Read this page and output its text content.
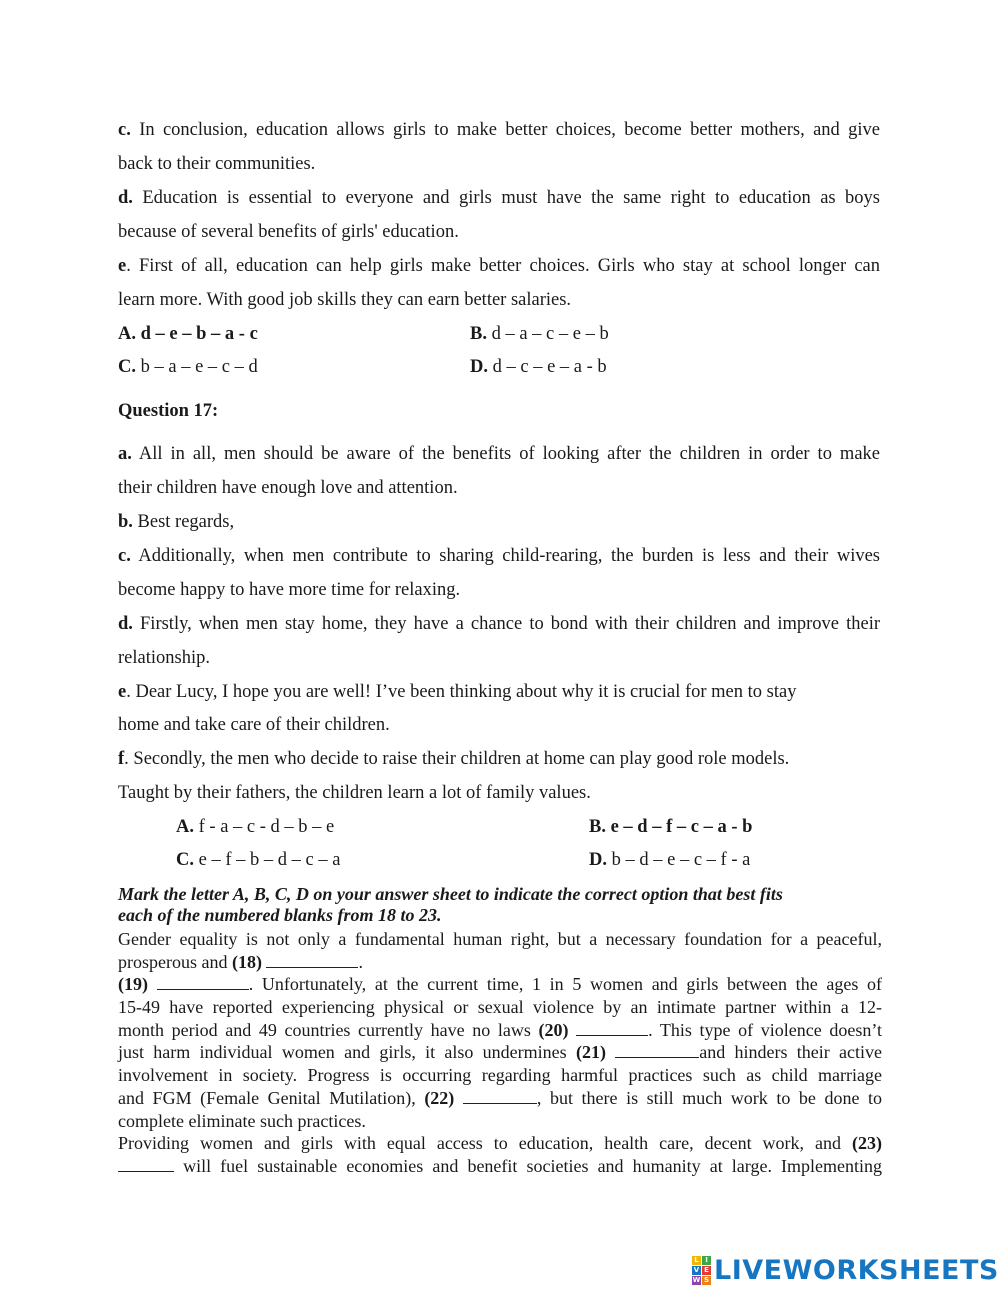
c. In conclusion, education allows girls to make better choices, become better mothers, and give
back to their communities.
d. Education is essential to everyone and girls must have the same right to education as boys
because of several benefits of girls' education.
e. First of all, education can help girls make better choices. Girls who stay at school longer can
learn more. With good job skills they can earn better salaries.
A. d – e – b – a - c	B. d – a – c – e – b
C. b – a – e – c – d	D. d – c – e – a - b
Question 17:
a. All in all, men should be aware of the benefits of looking after the children in order to make
their children have enough love and attention.
b. Best regards,
c. Additionally, when men contribute to sharing child-rearing, the burden is less and their wives
become happy to have more time for relaxing.
d. Firstly, when men stay home, they have a chance to bond with their children and improve their
relationship.
e. Dear Lucy, I hope you are well! I’ve been thinking about why it is crucial for men to stay
home and take care of their children.
f. Secondly, the men who decide to raise their children at home can play good role models.
Taught by their fathers, the children learn a lot of family values.
A. f - a – c - d – b – e	B. e – d – f – c – a - b
C. e – f – b – d – c – a	D. b – d – e – c – f - a
Mark the letter A, B, C, D on your answer sheet to indicate the correct option that best fits
each of the numbered blanks from 18 to 23.
Gender equality is not only a fundamental human right, but a necessary foundation for a peaceful,
prosperous and (18)	.
(19)	. Unfortunately, at the current time, 1 in 5 women and girls between the ages of
15-49 have reported experiencing physical or sexual violence by an intimate partner within a 12-
month period and 49 countries currently have no laws (20)	. This type of violence doesn’t
just harm individual women and girls, it also undermines (21)	and hinders their active
involvement in society. Progress is occurring regarding harmful practices such as child marriage
and FGM (Female Genital Mutilation), (22)	, but there is still much work to be done to
complete eliminate such practices.
Providing women and girls with equal access to education, health care, decent work, and (23)
will fuel sustainable economies and benefit societies and humanity at large. Implementing
L I
V E
W S LIVEWORKSHEETS
